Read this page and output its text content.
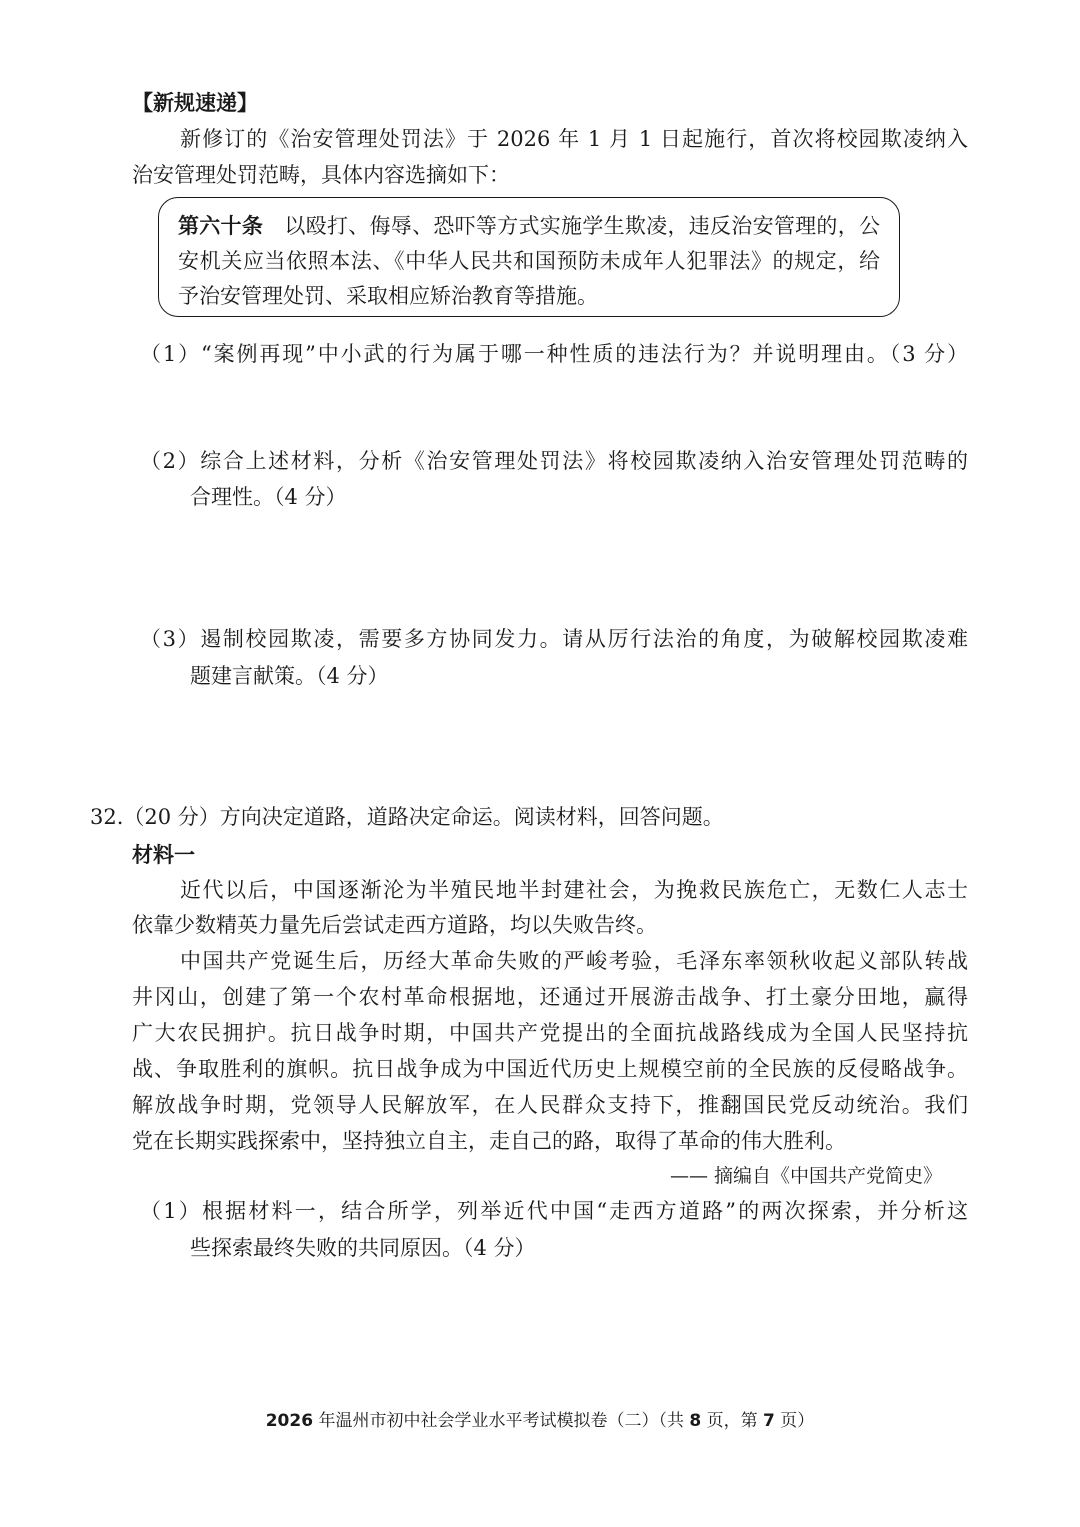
【新规速递】
新修订的《治安管理处罚法》于 2026 年 1 月 1 日起施行，首次将校园欺凌纳入
治安管理处罚范畴，具体内容选摘如下：
第六十条  以殴打、侮辱、恐吓等方式实施学生欺凌，违反治安管理的，公
安机关应当依照本法、《中华人民共和国预防未成年人犯罪法》的规定，给
予治安管理处罚、采取相应矫治教育等措施。
（1）“案例再现”中小武的行为属于哪一种性质的违法行为？并说明理由。（3 分）
（2）综合上述材料，分析《治安管理处罚法》将校园欺凌纳入治安管理处罚范畴的
合理性。（4 分）
（3）遏制校园欺凌，需要多方协同发力。请从厉行法治的角度，为破解校园欺凌难
题建言献策。（4 分）
32.（20 分）方向决定道路，道路决定命运。阅读材料，回答问题。
材料一
近代以后，中国逐渐沦为半殖民地半封建社会，为挽救民族危亡，无数仁人志士
依靠少数精英力量先后尝试走西方道路，均以失败告终。
中国共产党诞生后，历经大革命失败的严峻考验，毛泽东率领秋收起义部队转战
井冈山，创建了第一个农村革命根据地，还通过开展游击战争、打土豪分田地，赢得
广大农民拥护。抗日战争时期，中国共产党提出的全面抗战路线成为全国人民坚持抗
战、争取胜利的旗帜。抗日战争成为中国近代历史上规模空前的全民族的反侵略战争。
解放战争时期，党领导人民解放军，在人民群众支持下，推翻国民党反动统治。我们
党在长期实践探索中，坚持独立自主，走自己的路，取得了革命的伟大胜利。
—— 摘编自《中国共产党简史》
（1）根据材料一，结合所学，列举近代中国“走西方道路”的两次探索，并分析这
些探索最终失败的共同原因。（4 分）
2026 年温州市初中社会学业水平考试模拟卷（二）（共 8 页，第 7 页）
